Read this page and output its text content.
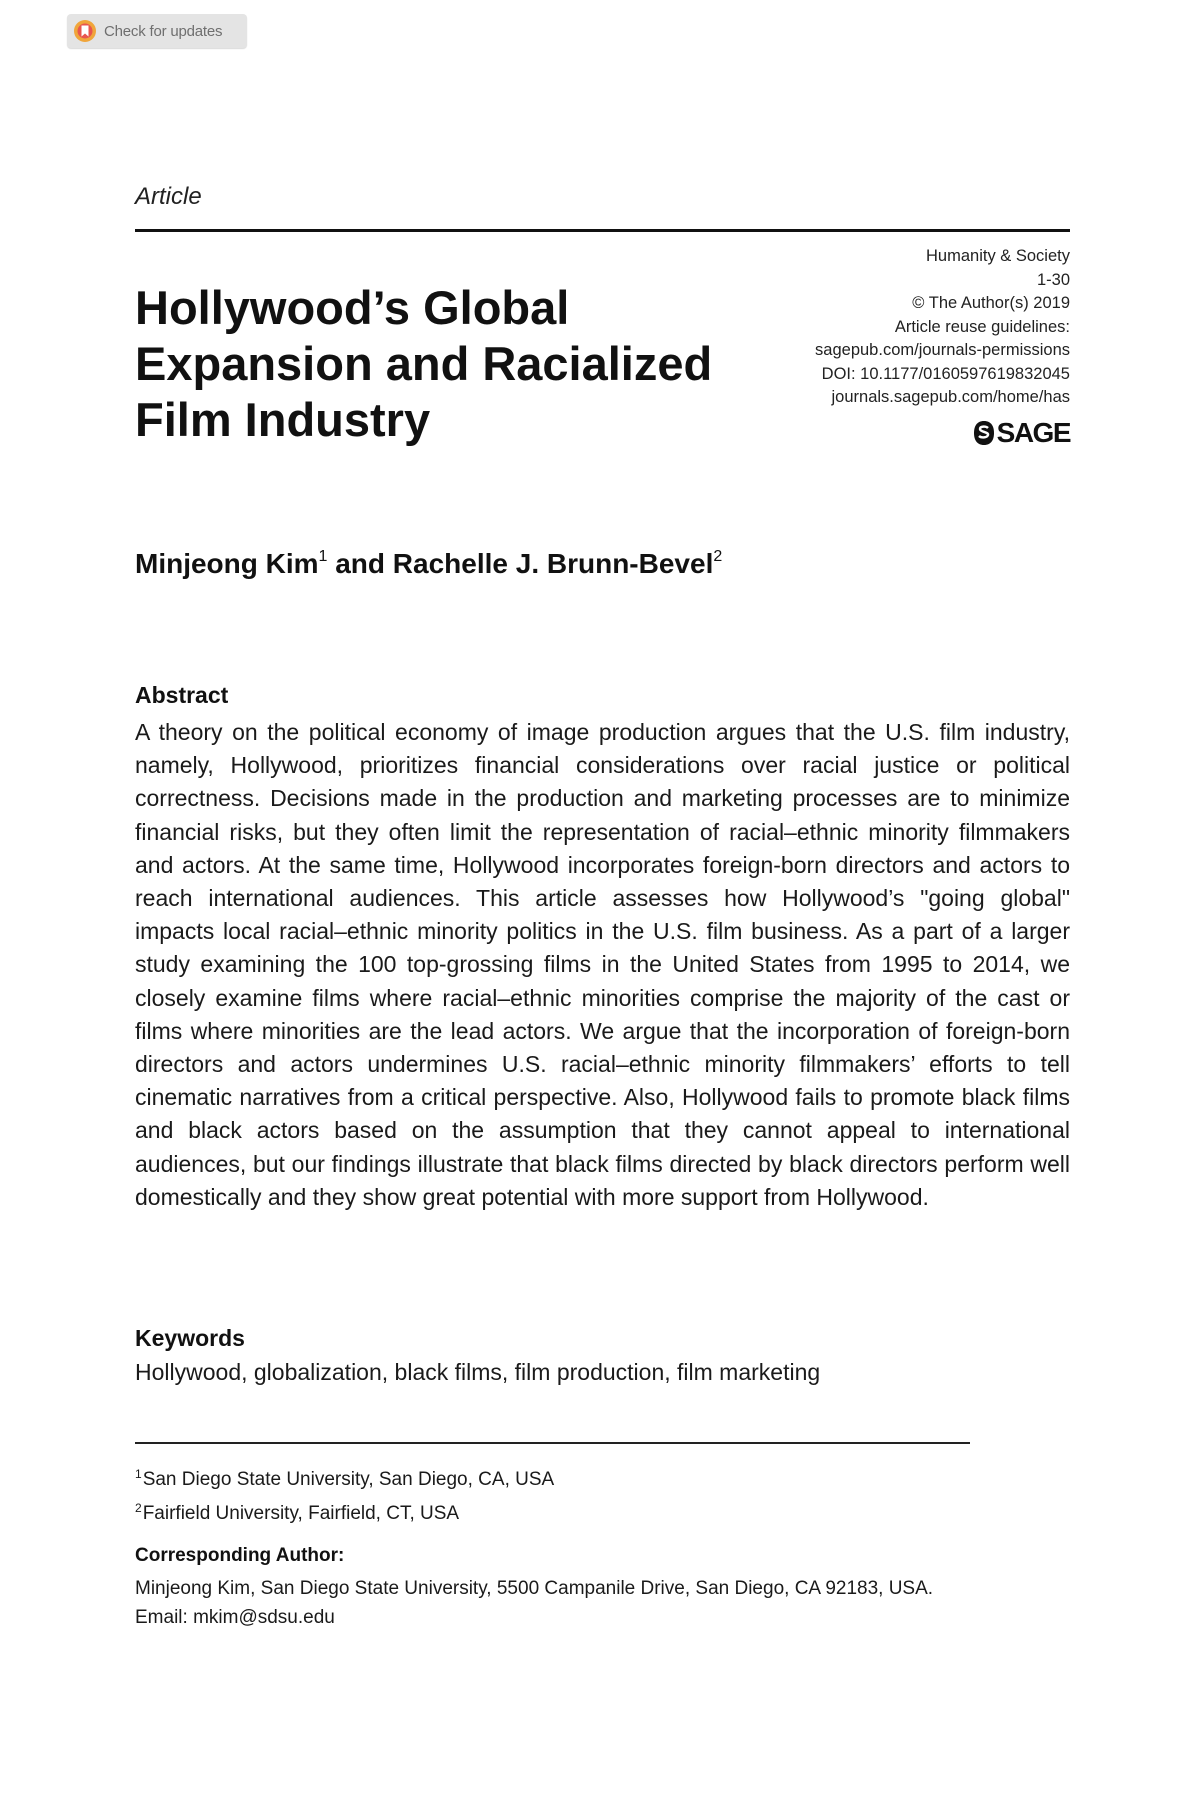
Check for updates
Article
Humanity & Society
1-30
© The Author(s) 2019
Article reuse guidelines:
sagepub.com/journals-permissions
DOI: 10.1177/0160597619832045
journals.sagepub.com/home/has
SAGE
Hollywood’s Global
Expansion and Racialized
Film Industry
Minjeong Kim$^1$ and Rachelle J. Brunn-Bevel$^2$
Abstract
A theory on the political economy of image production argues that the U.S. film industry, namely, Hollywood, prioritizes financial considerations over racial justice or political correctness. Decisions made in the production and marketing processes are to minimize financial risks, but they often limit the representation of racial–ethnic minority filmmakers and actors. At the same time, Hollywood incorporates foreign-born directors and actors to reach international audiences. This article assesses how Hollywood’s "going global" impacts local racial–ethnic minority politics in the U.S. film business. As a part of a larger study examining the 100 top-grossing films in the United States from 1995 to 2014, we closely examine films where racial–ethnic minorities comprise the majority of the cast or films where minorities are the lead actors. We argue that the incorporation of foreign-born directors and actors undermines U.S. racial–ethnic minority filmmakers’ efforts to tell cinematic narratives from a critical perspective. Also, Hollywood fails to promote black films and black actors based on the assumption that they cannot appeal to international audiences, but our findings illustrate that black films directed by black directors perform well domestically and they show great potential with more support from Hollywood.
Keywords
Hollywood, globalization, black films, film production, film marketing
$^1$San Diego State University, San Diego, CA, USA
$^2$Fairfield University, Fairfield, CT, USA
Corresponding Author:
Minjeong Kim, San Diego State University, 5500 Campanile Drive, San Diego, CA 92183, USA.
Email: mkim@sdsu.edu
